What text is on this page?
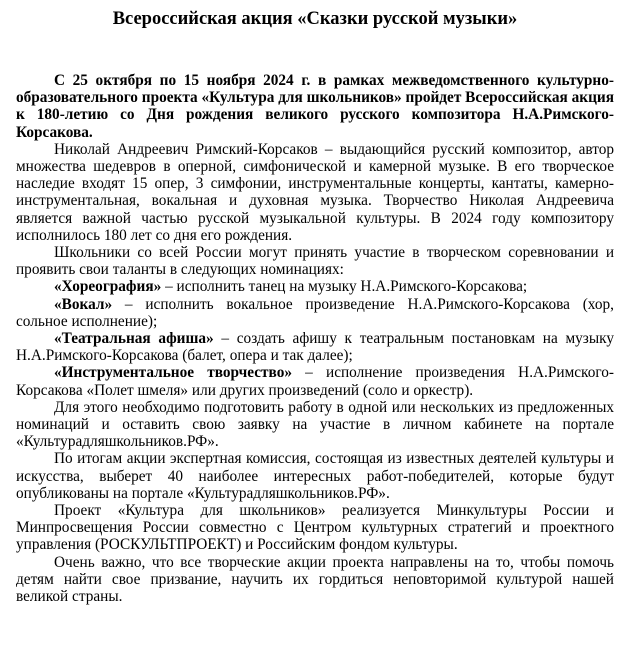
Всероссийская акция «Сказки русской музыки»

С 25 октября по 15 ноября 2024 г. в рамках межведомственного культурно-образовательного проекта «Культура для школьников» пройдет Всероссийская акция к 180-летию со Дня рождения великого русского композитора Н.А.Римского-Корсакова.

Николай Андреевич Римский-Корсаков – выдающийся русский композитор, автор множества шедевров в оперной, симфонической и камерной музыке. В его творческое наследие входят 15 опер, 3 симфонии, инструментальные концерты, кантаты, камерно-инструментальная, вокальная и духовная музыка. Творчество Николая Андреевича является важной частью русской музыкальной культуры. В 2024 году композитору исполнилось 180 лет со дня его рождения.

Школьники со всей России могут принять участие в творческом соревновании и проявить свои таланты в следующих номинациях:

«Хореография» – исполнить танец на музыку Н.А.Римского-Корсакова;

«Вокал» – исполнить вокальное произведение Н.А.Римского-Корсакова (хор, сольное исполнение);

«Театральная афиша» – создать афишу к театральным постановкам на музыку Н.А.Римского-Корсакова (балет, опера и так далее);

«Инструментальное творчество» – исполнение произведения Н.А.Римского-Корсакова «Полет шмеля» или других произведений (соло и оркестр).

Для этого необходимо подготовить работу в одной или нескольких из предложенных номинаций и оставить свою заявку на участие в личном кабинете на портале «Культурадляшкольников.РФ».

По итогам акции экспертная комиссия, состоящая из известных деятелей культуры и искусства, выберет 40 наиболее интересных работ-победителей, которые будут опубликованы на портале «Культурадляшкольников.РФ».

Проект «Культура для школьников» реализуется Минкультуры России и Минпросвещения России совместно с Центром культурных стратегий и проектного управления (РОСКУЛЬТПРОЕКТ) и Российским фондом культуры.

Очень важно, что все творческие акции проекта направлены на то, чтобы помочь детям найти свое призвание, научить их гордиться неповторимой культурой нашей великой страны.
